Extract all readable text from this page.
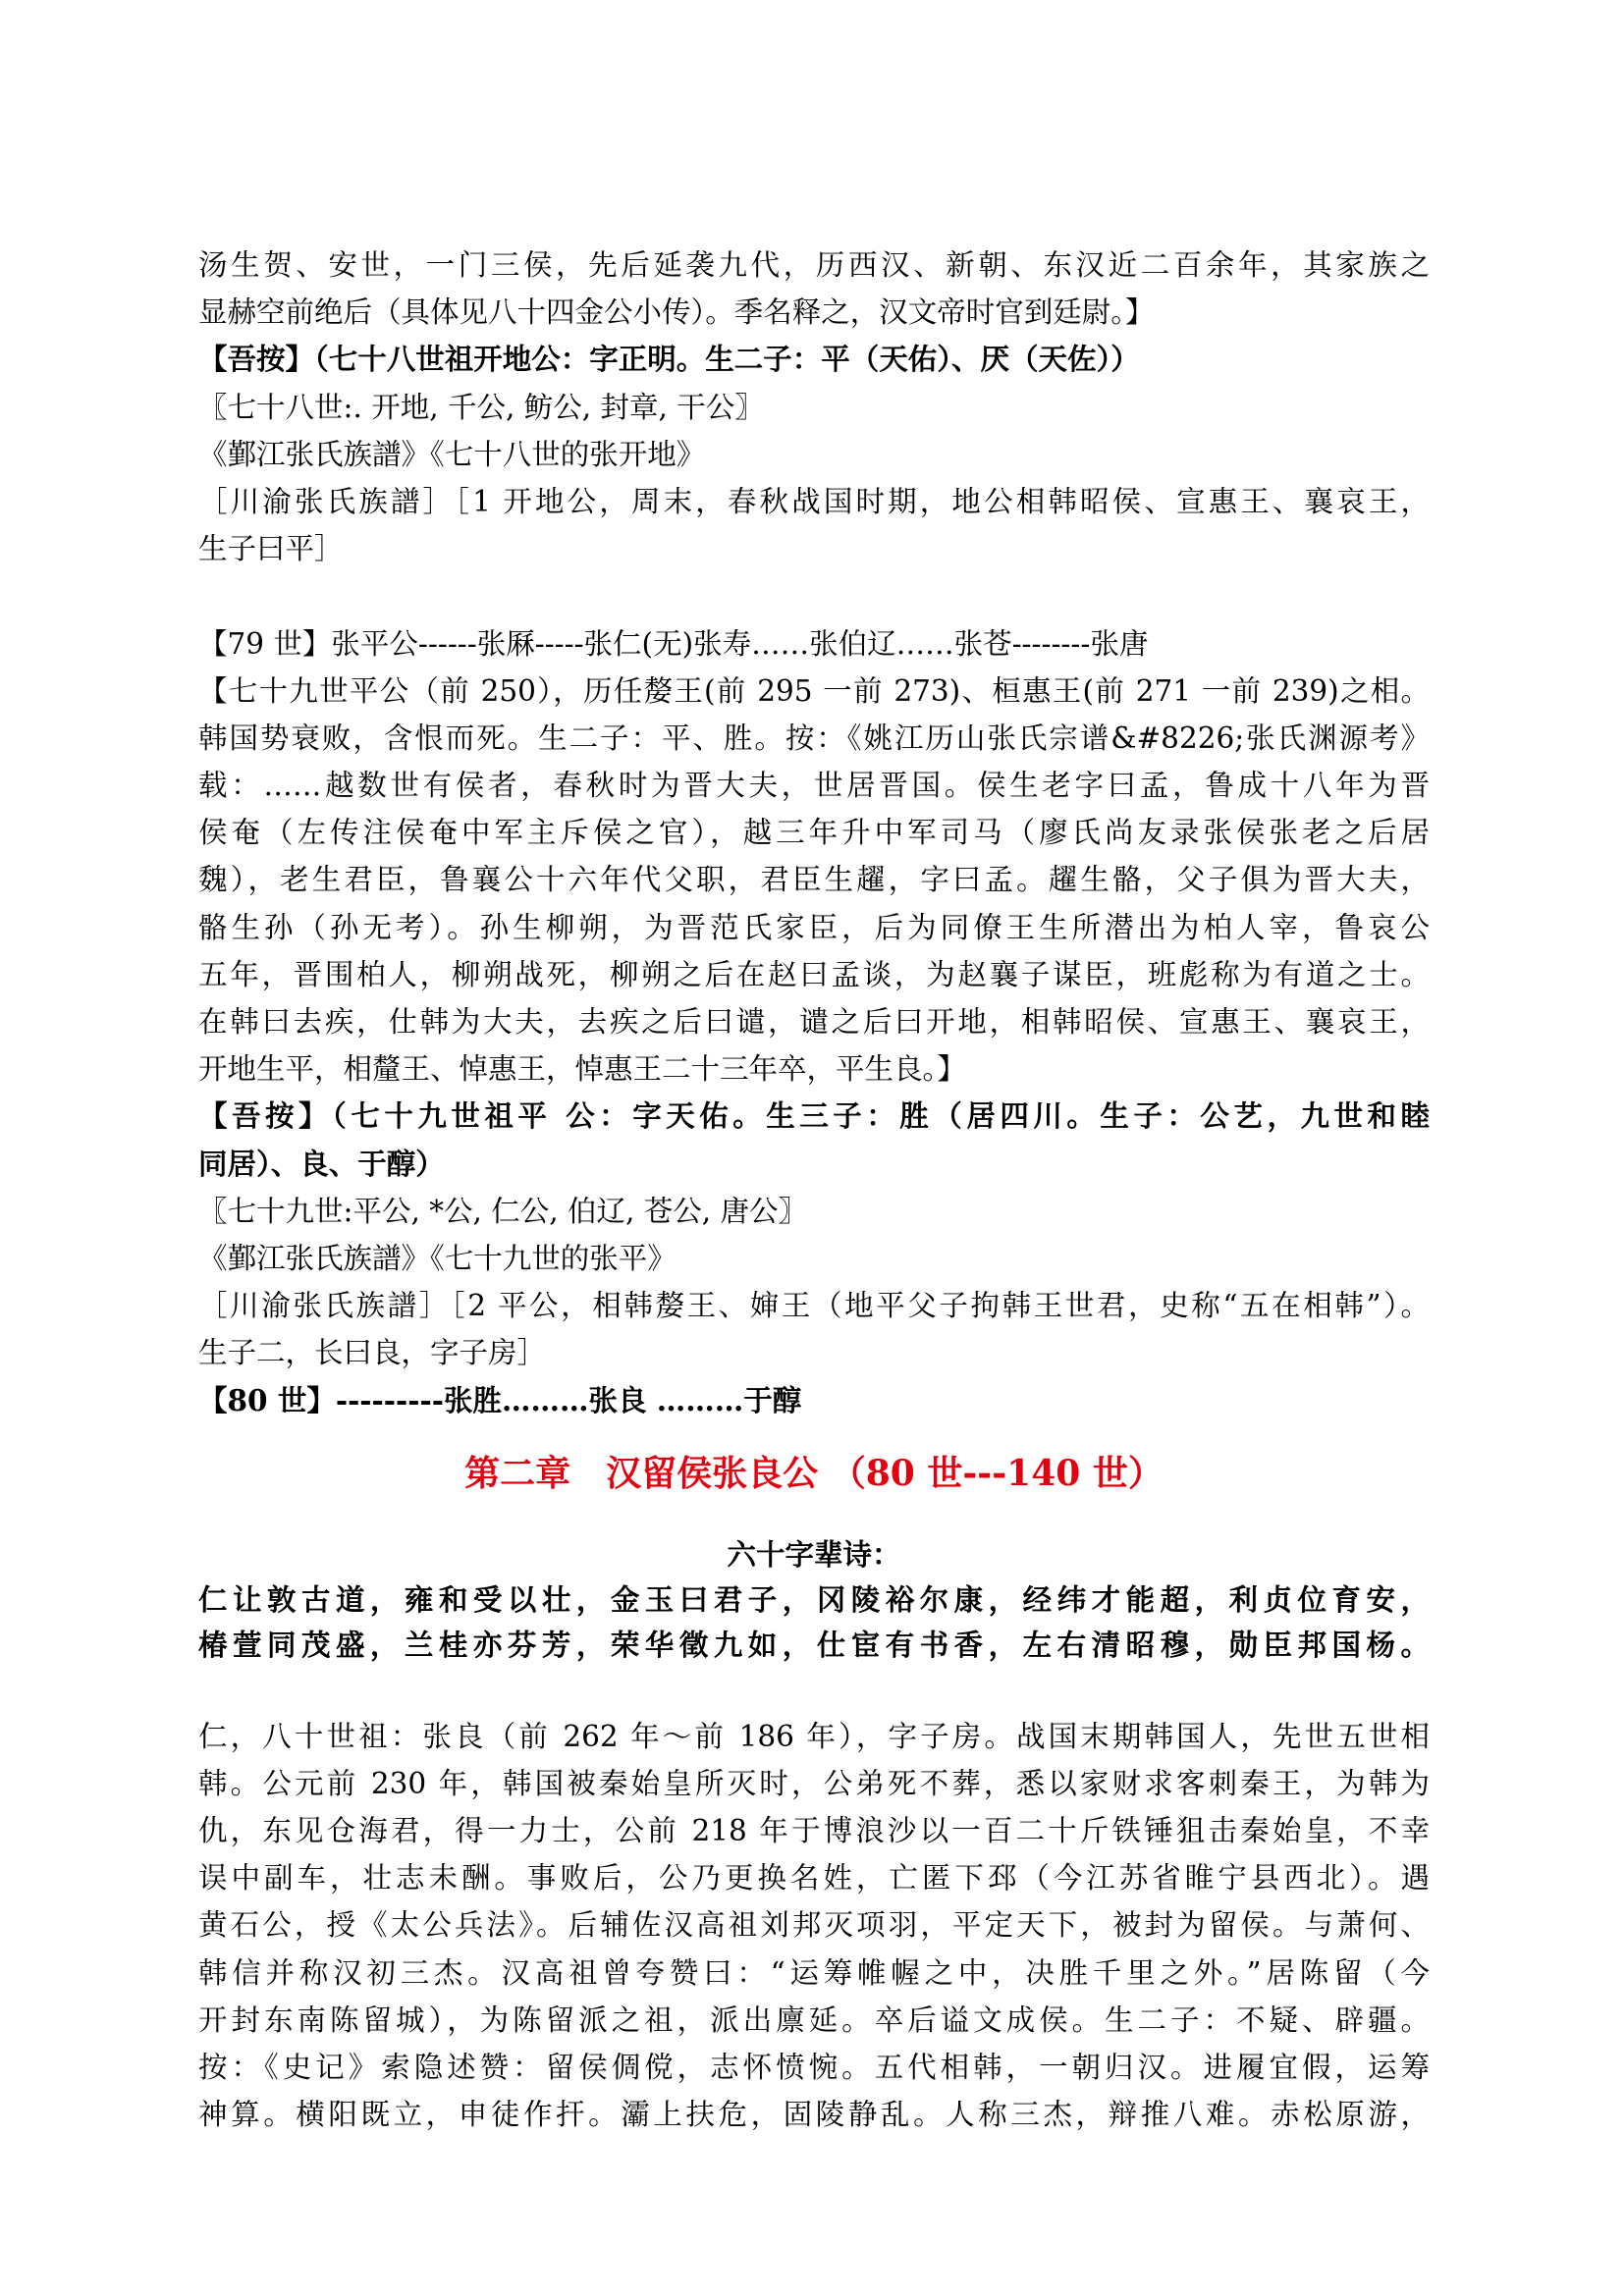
汤生贺、安世，一门三侯，先后延袭九代，历西汉、新朝、东汉近二百余年，其家族之
显赫空前绝后（具体见八十四金公小传）。季名释之，汉文帝时官到廷尉。】
【吾按】（七十八世祖开地公：字正明。生二子：平（天佑）、厌（天佐））
〖七十八世:. 开地, 千公, 鲂公, 封章, 干公〗
《鄞江张氏族譜》《七十八世的张开地》
［川渝张氏族譜］［1 开地公，周末，春秋战国时期，地公相韩昭侯、宣惠王、襄哀王，
生子曰平］
【79 世】张平公------张厤-----张仁(无)张寿……张伯辽……张苍--------张唐
【七十九世平公（前 250），历任嫠王(前 295 一前 273)、桓惠王(前 271 一前 239)之相。
韩国势衰败，含恨而死。生二子：平、胜。按：《姚江历山张氏宗谱&#8226;张氏渊源考》
载：……越数世有侯者，春秋时为晋大夫，世居晋国。侯生老字曰孟，鲁成十八年为晋
侯奄（左传注侯奄中军主斥侯之官），越三年升中军司马（廖氏尚友录张侯张老之后居
魏），老生君臣，鲁襄公十六年代父职，君臣生趯，字曰孟。趯生骼，父子俱为晋大夫，
骼生孙（孙无考）。孙生柳朔，为晋范氏家臣，后为同僚王生所潜出为柏人宰，鲁哀公
五年，晋围柏人，柳朔战死，柳朔之后在赵曰孟谈，为赵襄子谋臣，班彪称为有道之士。
在韩曰去疾，仕韩为大夫，去疾之后曰谴，谴之后曰开地，相韩昭侯、宣惠王、襄哀王，
开地生平，相釐王、悼惠王，悼惠王二十三年卒，平生良。】
【吾按】（七十九世祖平 公：字天佑。生三子：胜（居四川。生子：公艺，九世和睦
同居）、良、于醇）
〖七十九世:平公, *公, 仁公, 伯辽, 苍公, 唐公〗
《鄞江张氏族譜》《七十九世的张平》
［川渝张氏族譜］［2 平公，相韩嫠王、婶王（地平父子拘韩王世君，史称“五在相韩”）。
生子二，长曰良，字子房］
【80 世】---------张胜………张良 ………于醇
第二章　汉留侯张良公 （80 世---140 世）
六十字辈诗：
仁让敦古道，雍和受以壮，金玉曰君子，冈陵裕尔康，经纬才能超，利贞位育安，
椿萱同茂盛，兰桂亦芬芳，荣华徵九如，仕宦有书香，左右清昭穆，勋臣邦国杨。
仁，八十世祖：张良（前 262 年～前 186 年），字子房。战国末期韩国人，先世五世相
韩。公元前 230 年，韩国被秦始皇所灭时，公弟死不葬，悉以家财求客刺秦王，为韩为
仇，东见仓海君，得一力士，公前 218 年于博浪沙以一百二十斤铁锤狙击秦始皇，不幸
误中副车，壮志未酬。事败后，公乃更换名姓，亡匿下邳（今江苏省睢宁县西北）。遇
黄石公，授《太公兵法》。后辅佐汉高祖刘邦灭项羽，平定天下，被封为留侯。与萧何、
韩信并称汉初三杰。汉高祖曾夸赞曰：“运筹帷幄之中，决胜千里之外。”居陈留（今
开封东南陈留城），为陈留派之祖，派出廪延。卒后谥文成侯。生二子：不疑、辟疆。
按：《史记》索隐述赞：留侯倜傥，志怀愤惋。五代相韩，一朝归汉。进履宜假，运筹
神算。横阳既立，申徒作扞。灞上扶危，固陵静乱。人称三杰，辩推八难。赤松原游，
